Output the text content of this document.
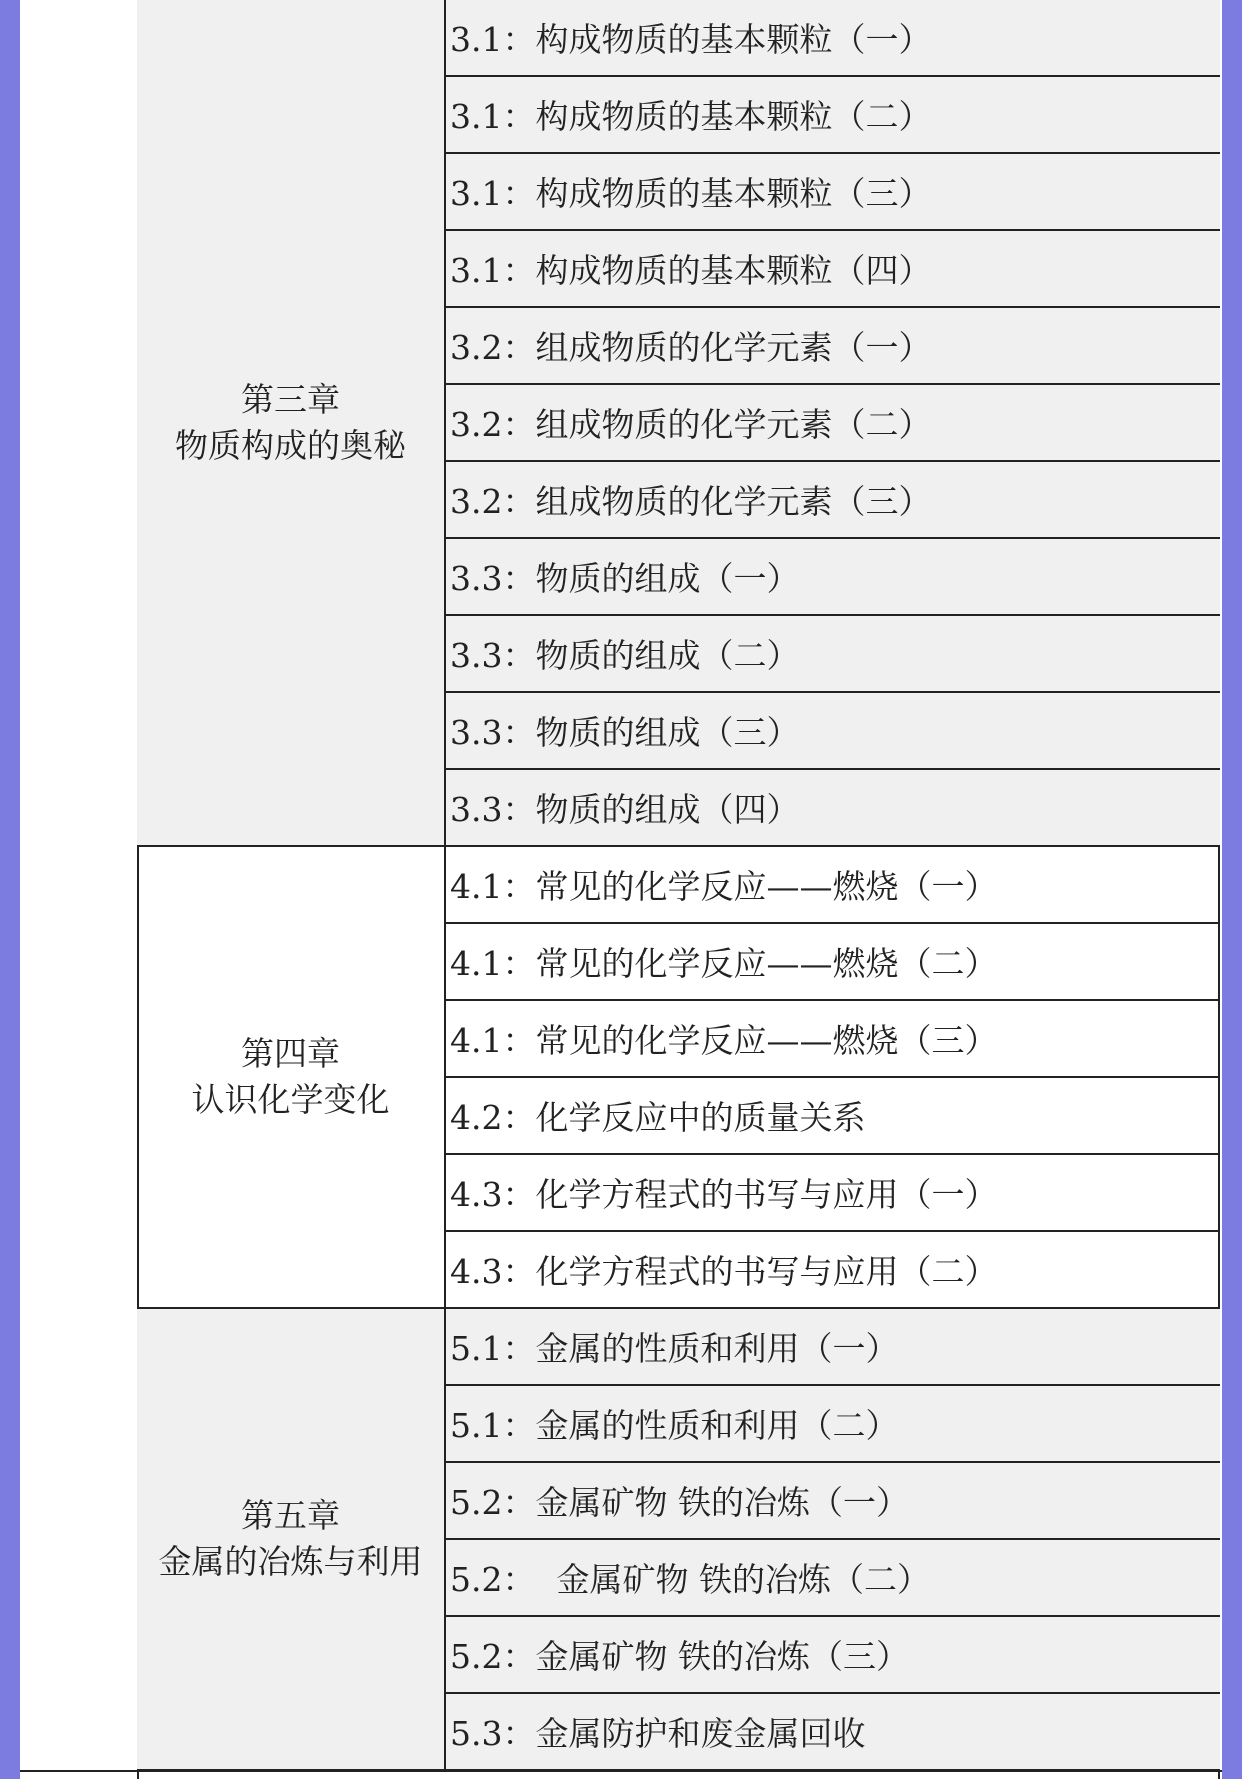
第三章
物质构成的奥秘
3.1：构成物质的基本颗粒（一）
3.1：构成物质的基本颗粒（二）
3.1：构成物质的基本颗粒（三）
3.1：构成物质的基本颗粒（四）
3.2：组成物质的化学元素（一）
3.2：组成物质的化学元素（二）
3.2：组成物质的化学元素（三）
3.3：物质的组成（一）
3.3：物质的组成（二）
3.3：物质的组成（三）
3.3：物质的组成（四）
第四章
认识化学变化
4.1：常见的化学反应——燃烧（一）
4.1：常见的化学反应——燃烧（二）
4.1：常见的化学反应——燃烧（三）
4.2：化学反应中的质量关系
4.3：化学方程式的书写与应用（一）
4.3：化学方程式的书写与应用（二）
第五章
金属的冶炼与利用
5.1：金属的性质和利用（一）
5.1：金属的性质和利用（二）
5.2：金属矿物 铁的冶炼（一）
5.2：  金属矿物 铁的冶炼（二）
5.2：金属矿物 铁的冶炼（三）
5.3：金属防护和废金属回收
